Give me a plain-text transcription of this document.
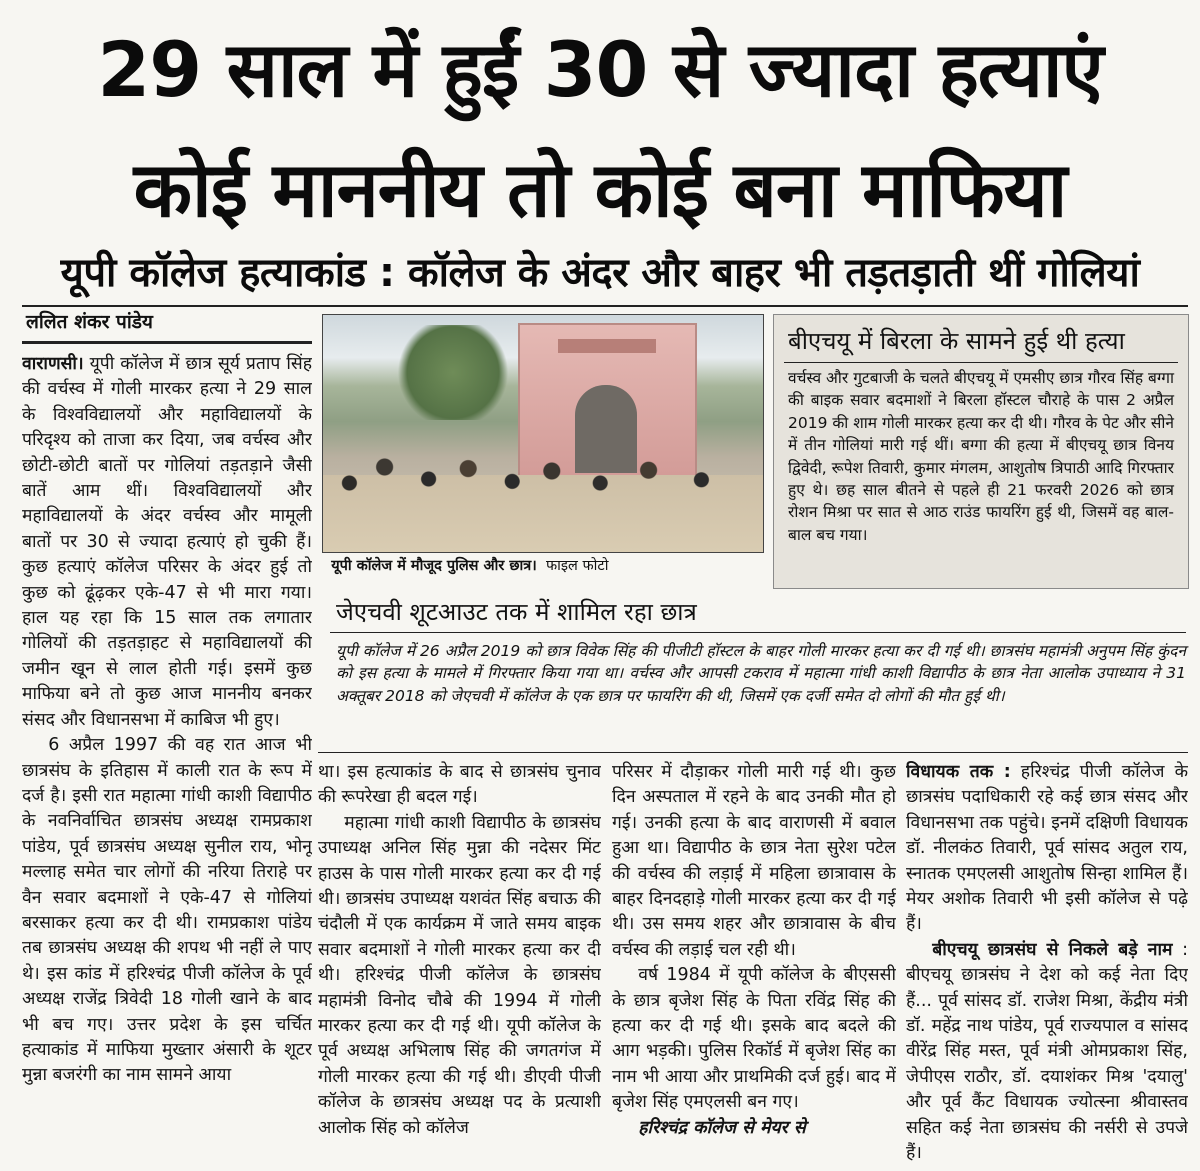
29 साल में हुईं 30 से ज्यादा हत्याएं
कोई माननीय तो कोई बना माफिया
यूपी कॉलेज हत्याकांड : कॉलेज के अंदर और बाहर भी तड़तड़ाती थीं गोलियां
ललित शंकर पांडेय

वाराणसी। यूपी कॉलेज में छात्र सूर्य प्रताप सिंह की वर्चस्व में गोली मारकर हत्या ने 29 साल के विश्वविद्यालयों और महाविद्यालयों के परिदृश्य को ताजा कर दिया, जब वर्चस्व और छोटी-छोटी बातों पर गोलियां तड़तड़ाने जैसी बातें आम थीं। विश्वविद्यालयों और महाविद्यालयों के अंदर वर्चस्व और मामूली बातों पर 30 से ज्यादा हत्याएं हो चुकी हैं। कुछ हत्याएं कॉलेज परिसर के अंदर हुई तो कुछ को ढूंढ़कर एके-47 से भी मारा गया। हाल यह रहा कि 15 साल तक लगातार गोलियों की तड़तड़ाहट से महाविद्यालयों की जमीन खून से लाल होती गई। इसमें कुछ माफिया बने तो कुछ आज माननीय बनकर संसद और विधानसभा में काबिज भी हुए।

6 अप्रैल 1997 की वह रात आज भी छात्रसंघ के इतिहास में काली रात के रूप में दर्ज है। इसी रात महात्मा गांधी काशी विद्यापीठ के नवनिर्वाचित छात्रसंघ अध्यक्ष रामप्रकाश पांडेय, पूर्व छात्रसंघ अध्यक्ष सुनील राय, भोनू मल्लाह समेत चार लोगों की नरिया तिराहे पर वैन सवार बदमाशों ने एके-47 से गोलियां बरसाकर हत्या कर दी थी। रामप्रकाश पांडेय तब छात्रसंघ अध्यक्ष की शपथ भी नहीं ले पाए थे। इस कांड में हरिश्चंद्र पीजी कॉलेज के पूर्व अध्यक्ष राजेंद्र त्रिवेदी 18 गोली खाने के बाद भी बच गए। उत्तर प्रदेश के इस चर्चित हत्याकांड में माफिया मुख्तार अंसारी के शूटर मुन्ना बजरंगी का नाम सामने आया

यूपी कॉलेज में मौजूद पुलिस और छात्र। फाइल फोटो
बीएचयू में बिरला के सामने हुई थी हत्या
वर्चस्व और गुटबाजी के चलते बीएचयू में एमसीए छात्र गौरव सिंह बग्गा की बाइक सवार बदमाशों ने बिरला हॉस्टल चौराहे के पास 2 अप्रैल 2019 की शाम गोली मारकर हत्या कर दी थी। गौरव के पेट और सीने में तीन गोलियां मारी गई थीं। बग्गा की हत्या में बीएचयू छात्र विनय द्विवेदी, रूपेश तिवारी, कुमार मंगलम, आशुतोष त्रिपाठी आदि गिरफ्तार हुए थे। छह साल बीतने से पहले ही 21 फरवरी 2026 को छात्र रोशन मिश्रा पर सात से आठ राउंड फायरिंग हुई थी, जिसमें वह बाल-बाल बच गया।
जेएचवी शूटआउट तक में शामिल रहा छात्र
यूपी कॉलेज में 26 अप्रैल 2019 को छात्र विवेक सिंह की पीजीटी हॉस्टल के बाहर गोली मारकर हत्या कर दी गई थी। छात्रसंघ महामंत्री अनुपम सिंह कुंदन को इस हत्या के मामले में गिरफ्तार किया गया था। वर्चस्व और आपसी टकराव में महात्मा गांधी काशी विद्यापीठ के छात्र नेता आलोक उपाध्याय ने 31 अक्तूबर 2018 को जेएचवी में कॉलेज के एक छात्र पर फायरिंग की थी, जिसमें एक दर्जी समेत दो लोगों की मौत हुई थी।

था। इस हत्याकांड के बाद से छात्रसंघ चुनाव की रूपरेखा ही बदल गई।

महात्मा गांधी काशी विद्यापीठ के छात्रसंघ उपाध्यक्ष अनिल सिंह मुन्ना की नदेसर मिंट हाउस के पास गोली मारकर हत्या कर दी गई थी। छात्रसंघ उपाध्यक्ष यशवंत सिंह बचाऊ की चंदौली में एक कार्यक्रम में जाते समय बाइक सवार बदमाशों ने गोली मारकर हत्या कर दी थी। हरिश्चंद्र पीजी कॉलेज के छात्रसंघ महामंत्री विनोद चौबे की 1994 में गोली मारकर हत्या कर दी गई थी। यूपी कॉलेज के पूर्व अध्यक्ष अभिलाष सिंह की जगतगंज में गोली मारकर हत्या की गई थी। डीएवी पीजी कॉलेज के छात्रसंघ अध्यक्ष पद के प्रत्याशी आलोक सिंह को कॉलेज

परिसर में दौड़ाकर गोली मारी गई थी। कुछ दिन अस्पताल में रहने के बाद उनकी मौत हो गई। उनकी हत्या के बाद वाराणसी में बवाल हुआ था। विद्यापीठ के छात्र नेता सुरेश पटेल की वर्चस्व की लड़ाई में महिला छात्रावास के बाहर दिनदहाड़े गोली मारकर हत्या कर दी गई थी। उस समय शहर और छात्रावास के बीच वर्चस्व की लड़ाई चल रही थी।

वर्ष 1984 में यूपी कॉलेज के बीएससी के छात्र बृजेश सिंह के पिता रविंद्र सिंह की हत्या कर दी गई थी। इसके बाद बदले की आग भड़की। पुलिस रिकॉर्ड में बृजेश सिंह का नाम भी आया और प्राथमिकी दर्ज हुई। बाद में बृजेश सिंह एमएलसी बन गए।

हरिश्चंद्र कॉलेज से मेयर से

विधायक तक : हरिश्चंद्र पीजी कॉलेज के छात्रसंघ पदाधिकारी रहे कई छात्र संसद और विधानसभा तक पहुंचे। इनमें दक्षिणी विधायक डॉ. नीलकंठ तिवारी, पूर्व सांसद अतुल राय, स्नातक एमएलसी आशुतोष सिन्हा शामिल हैं। मेयर अशोक तिवारी भी इसी कॉलेज से पढ़े हैं।

बीएचयू छात्रसंघ से निकले बड़े नाम : बीएचयू छात्रसंघ ने देश को कई नेता दिए हैं... पूर्व सांसद डॉ. राजेश मिश्रा, केंद्रीय मंत्री डॉ. महेंद्र नाथ पांडेय, पूर्व राज्यपाल व सांसद वीरेंद्र सिंह मस्त, पूर्व मंत्री ओमप्रकाश सिंह, जेपीएस राठौर, डॉ. दयाशंकर मिश्र 'दयालु' और पूर्व कैंट विधायक ज्योत्स्ना श्रीवास्तव सहित कई नेता छात्रसंघ की नर्सरी से उपजे हैं।
